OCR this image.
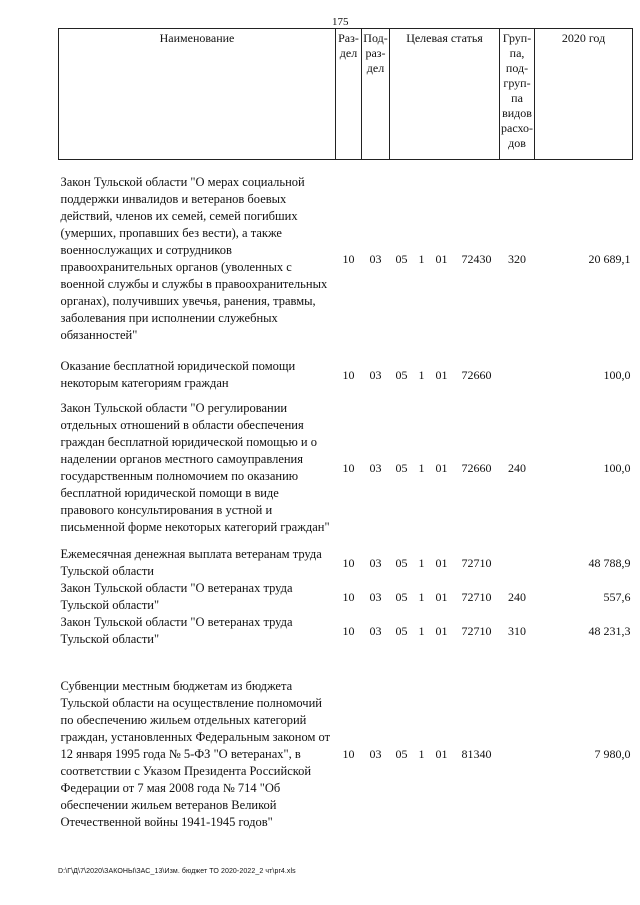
175
Наименование	Раз- дел	Под- раз- дел	Целевая статья				Груп- па, под- груп- па видов расхо- дов	2020 год

Закон Тульской области "О мерах социальной поддержки инвалидов и ветеранов боевых действий, членов их семей, семей погибших (умерших, пропавших без вести), а также военнослужащих и сотрудников правоохранительных органов (уволенных с военной службы и службы в правоохранительных органах), получивших увечья, ранения, травмы, заболевания при исполнении служебных обязанностей"	10	03	05	1	01	72430	320	20 689,1

Оказание бесплатной юридической помощи некоторым категориям граждан	10	03	05	1	01	72660		100,0

Закон Тульской области "О регулировании отдельных отношений в области обеспечения граждан бесплатной юридической помощью и о наделении органов местного самоуправления государственным полномочием по оказанию бесплатной юридической помощи в виде правового консультирования в устной и письменной форме некоторых категорий граждан"	10	03	05	1	01	72660	240	100,0

Ежемесячная денежная выплата ветеранам труда Тульской области	10	03	05	1	01	72710		48 788,9
Закон Тульской области "О ветеранах труда Тульской области"	10	03	05	1	01	72710	240	557,6
Закон Тульской области "О ветеранах труда Тульской области"	10	03	05	1	01	72710	310	48 231,3

Субвенции местным бюджетам из бюджета Тульской области на осуществление полномочий по обеспечению жильем отдельных категорий граждан, установленных Федеральным законом от 12 января 1995 года № 5-ФЗ "О ветеранах", в соответствии с Указом Президента Российской Федерации от 7 мая 2008 года № 714 "Об обеспечении жильем ветеранов Великой Отечественной войны 1941-1945 годов"	10	03	05	1	01	81340		7 980,0
D:\Г\Д\7\2020\ЗАКОНЫ\ЗАС_13\Изм. бюджет ТО 2020-2022_2 чт\pr4.xls
